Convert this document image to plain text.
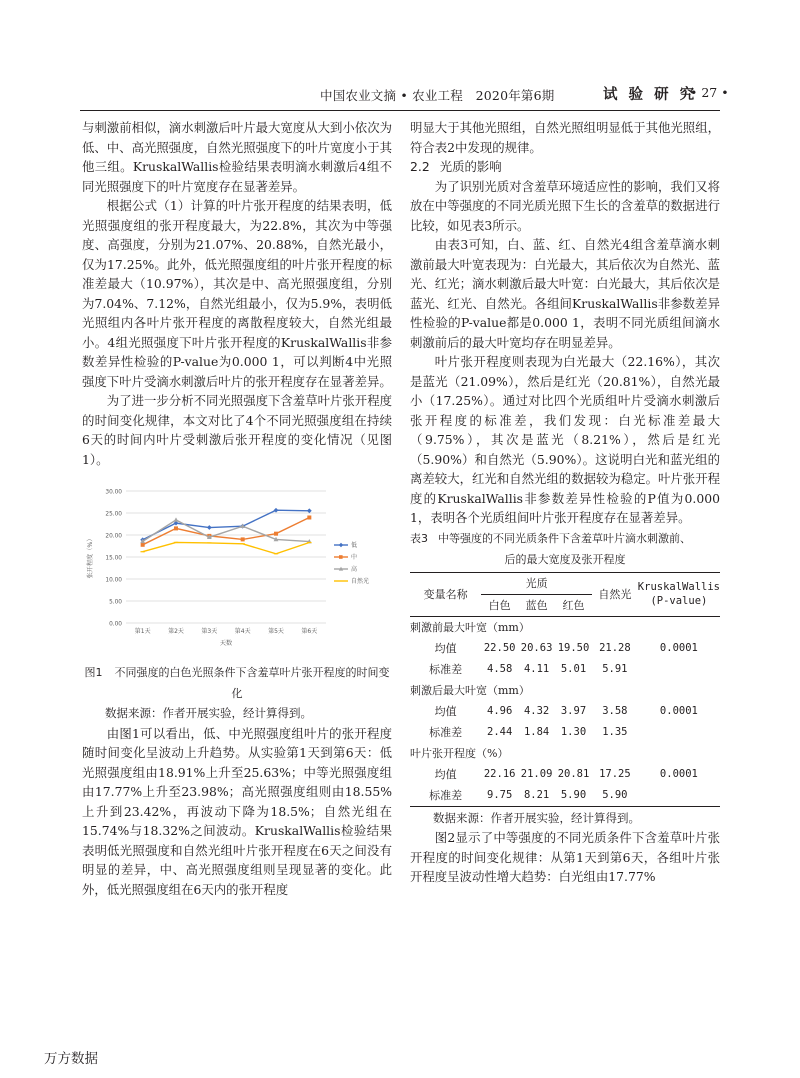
中国农业文摘 • 农业工程　2020年第6期	试 验 研 究
• 27 •

与刺激前相似，滴水刺激后叶片最大宽度从大到小依次为低、中、高光照强度，自然光照强度下的叶片宽度小于其他三组。KruskalWallis检验结果表明滴水刺激后4组不同光照强度下的叶片宽度存在显著差异。

根据公式（1）计算的叶片张开程度的结果表明，低光照强度组的张开程度最大，为22.8%，其次为中等强度、高强度，分别为21.07%、20.88%，自然光最小，仅为17.25%。此外，低光照强度组的叶片张开程度的标准差最大（10.97%），其次是中、高光照强度组，分别为7.04%、7.12%，自然光组最小，仅为5.9%，表明低光照组内各叶片张开程度的离散程度较大，自然光组最小。4组光照强度下叶片张开程度的KruskalWallis非参数差异性检验的P-value为0.000 1，可以判断4中光照强度下叶片受滴水刺激后叶片的张开程度存在显著差异。

为了进一步分析不同光照强度下含羞草叶片张开程度的时间变化规律，本文对比了4个不同光照强度组在持续6天的时间内叶片受刺激后张开程度的变化情况（见图1）。

0.00
5.00
10.00
15.00
20.00
25.00
30.00
第1天	第2天	第3天	第4天	第5天	第6天
天数
张开程度（%）	低
中
高
自然光
图1 不同强度的白色光照条件下含羞草叶片张开程度的时间变化

数据来源：作者开展实验，经计算得到。

由图1可以看出，低、中光照强度组叶片的张开程度随时间变化呈波动上升趋势。从实验第1天到第6天：低光照强度组由18.91%上升至25.63%；中等光照强度组由17.77%上升至23.98%；高光照强度组则由18.55%上升到23.42%，再波动下降为18.5%；自然光组在15.74%与18.32%之间波动。KruskalWallis检验结果表明低光照强度和自然光组叶片张开程度在6天之间没有明显的差异，中、高光照强度组则呈现显著的变化。此外，低光照强度组在6天内的张开程度

明显大于其他光照组，自然光照组明显低于其他光照组，符合表2中发现的规律。

2.2 光质的影响

为了识别光质对含羞草环境适应性的影响，我们又将放在中等强度的不同光质光照下生长的含羞草的数据进行比较，如见表3所示。

由表3可知，白、蓝、红、自然光4组含羞草滴水刺激前最大叶宽表现为：白光最大，其后依次为自然光、蓝光、红光；滴水刺激后最大叶宽：白光最大，其后依次是蓝光、红光、自然光。各组间KruskalWallis非参数差异性检验的P-value都是0.000 1，表明不同光质组间滴水刺激前后的最大叶宽均存在明显差异。

叶片张开程度则表现为白光最大（22.16%），其次是蓝光（21.09%），然后是红光（20.81%），自然光最小（17.25%）。通过对比四个光质组叶片受滴水刺激后张开程度的标准差，我们发现：白光标准差最大（9.75%），其次是蓝光（8.21%），然后是红光（5.90%）和自然光（5.90%）。这说明白光和蓝光组的离差较大，红光和自然光组的数据较为稳定。叶片张开程度的KruskalWallis非参数差异性检验的P值为0.000 1，表明各个光质组间叶片张开程度存在显著差异。

表3 中等强度的不同光质条件下含羞草叶片滴水刺激前、

后的最大宽度及张开程度

变量名称	光质			自然光	KruskalWallis
	白色	蓝色	红色		(P-value)
刺激前最大叶宽（mm）					
均值	22.50	20.63	19.50	21.28	0.0001
标准差	4.58	4.11	5.01	5.91	
刺激后最大叶宽（mm）					
均值	4.96	4.32	3.97	3.58	0.0001
标准差	2.44	1.84	1.30	1.35	
叶片张开程度（%）					
均值	22.16	21.09	20.81	17.25	0.0001
标准差	9.75	8.21	5.90	5.90	

数据来源：作者开展实验，经计算得到。

图2显示了中等强度的不同光质条件下含羞草叶片张开程度的时间变化规律：从第1天到第6天，各组叶片张开程度呈波动性增大趋势：白光组由17.77%

万方数据
